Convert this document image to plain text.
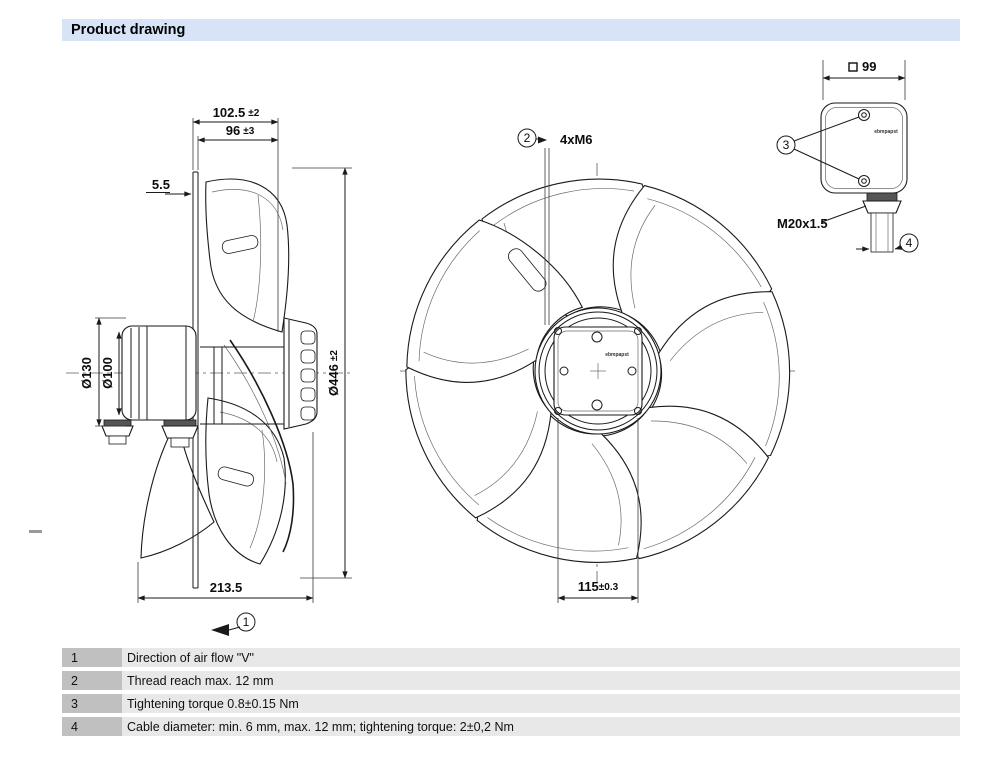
Product drawing
102.5 ±2
96 ±3
5.5
Ø130 Ø100	Ø446±2
213.5
1
ebmpapst
2 4xM6
115±0.3
99
ebmpapst
3
M20x1.5
4
1	Direction of air flow "V"
2	Thread reach max. 12 mm
3	Tightening torque 0.8±0.15 Nm
4	Cable diameter: min. 6 mm, max. 12 mm; tightening torque: 2±0,2 Nm
